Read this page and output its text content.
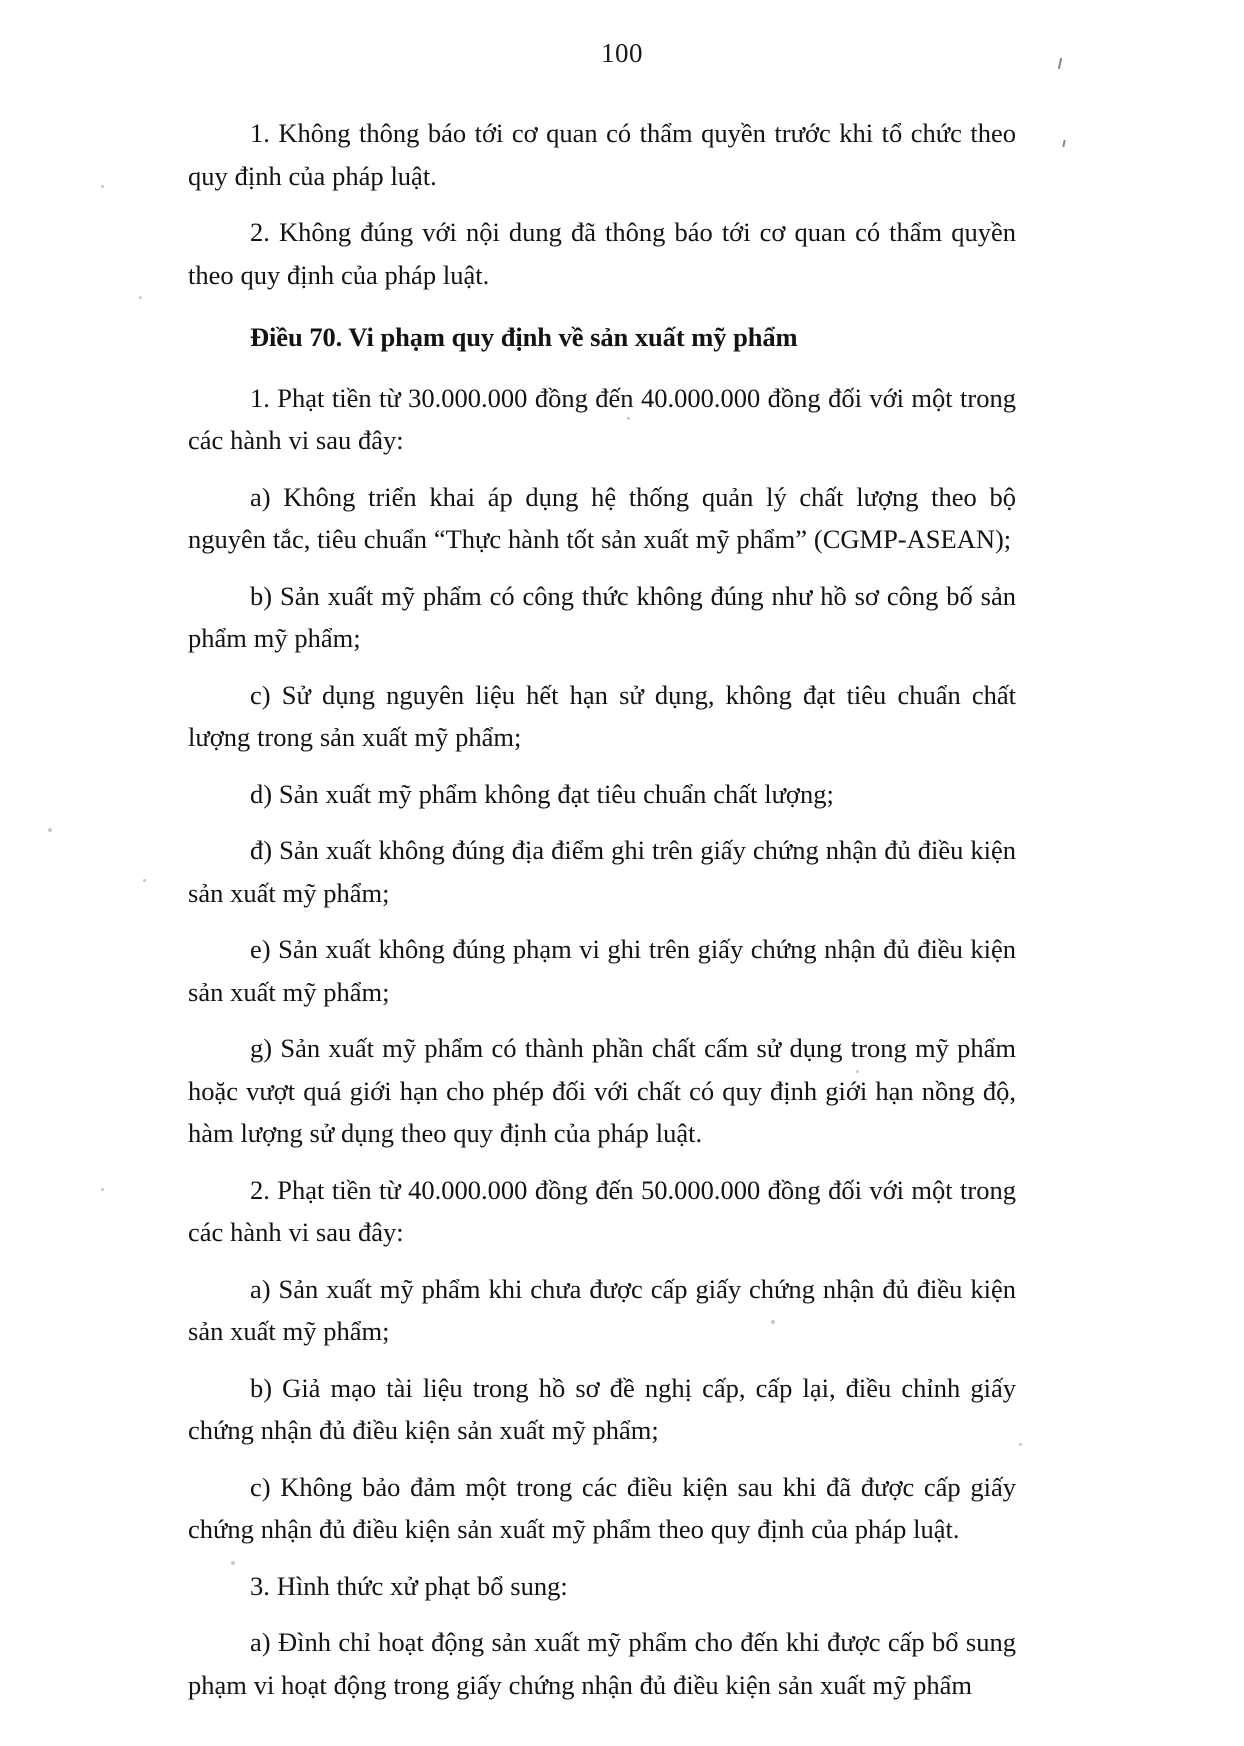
100

1. Không thông báo tới cơ quan có thẩm quyền trước khi tổ chức theo quy định của pháp luật.

2. Không đúng với nội dung đã thông báo tới cơ quan có thẩm quyền theo quy định của pháp luật.

Điều 70. Vi phạm quy định về sản xuất mỹ phẩm

1. Phạt tiền từ 30.000.000 đồng đến 40.000.000 đồng đối với một trong các hành vi sau đây:

a) Không triển khai áp dụng hệ thống quản lý chất lượng theo bộ nguyên tắc, tiêu chuẩn “Thực hành tốt sản xuất mỹ phẩm” (CGMP-ASEAN);

b) Sản xuất mỹ phẩm có công thức không đúng như hồ sơ công bố sản phẩm mỹ phẩm;

c) Sử dụng nguyên liệu hết hạn sử dụng, không đạt tiêu chuẩn chất lượng trong sản xuất mỹ phẩm;

d) Sản xuất mỹ phẩm không đạt tiêu chuẩn chất lượng;

đ) Sản xuất không đúng địa điểm ghi trên giấy chứng nhận đủ điều kiện sản xuất mỹ phẩm;

e) Sản xuất không đúng phạm vi ghi trên giấy chứng nhận đủ điều kiện sản xuất mỹ phẩm;

g) Sản xuất mỹ phẩm có thành phần chất cấm sử dụng trong mỹ phẩm hoặc vượt quá giới hạn cho phép đối với chất có quy định giới hạn nồng độ, hàm lượng sử dụng theo quy định của pháp luật.

2. Phạt tiền từ 40.000.000 đồng đến 50.000.000 đồng đối với một trong các hành vi sau đây:

a) Sản xuất mỹ phẩm khi chưa được cấp giấy chứng nhận đủ điều kiện sản xuất mỹ phẩm;

b) Giả mạo tài liệu trong hồ sơ đề nghị cấp, cấp lại, điều chỉnh giấy chứng nhận đủ điều kiện sản xuất mỹ phẩm;

c) Không bảo đảm một trong các điều kiện sau khi đã được cấp giấy chứng nhận đủ điều kiện sản xuất mỹ phẩm theo quy định của pháp luật.

3. Hình thức xử phạt bổ sung:

a) Đình chỉ hoạt động sản xuất mỹ phẩm cho đến khi được cấp bổ sung phạm vi hoạt động trong giấy chứng nhận đủ điều kiện sản xuất mỹ phẩm
